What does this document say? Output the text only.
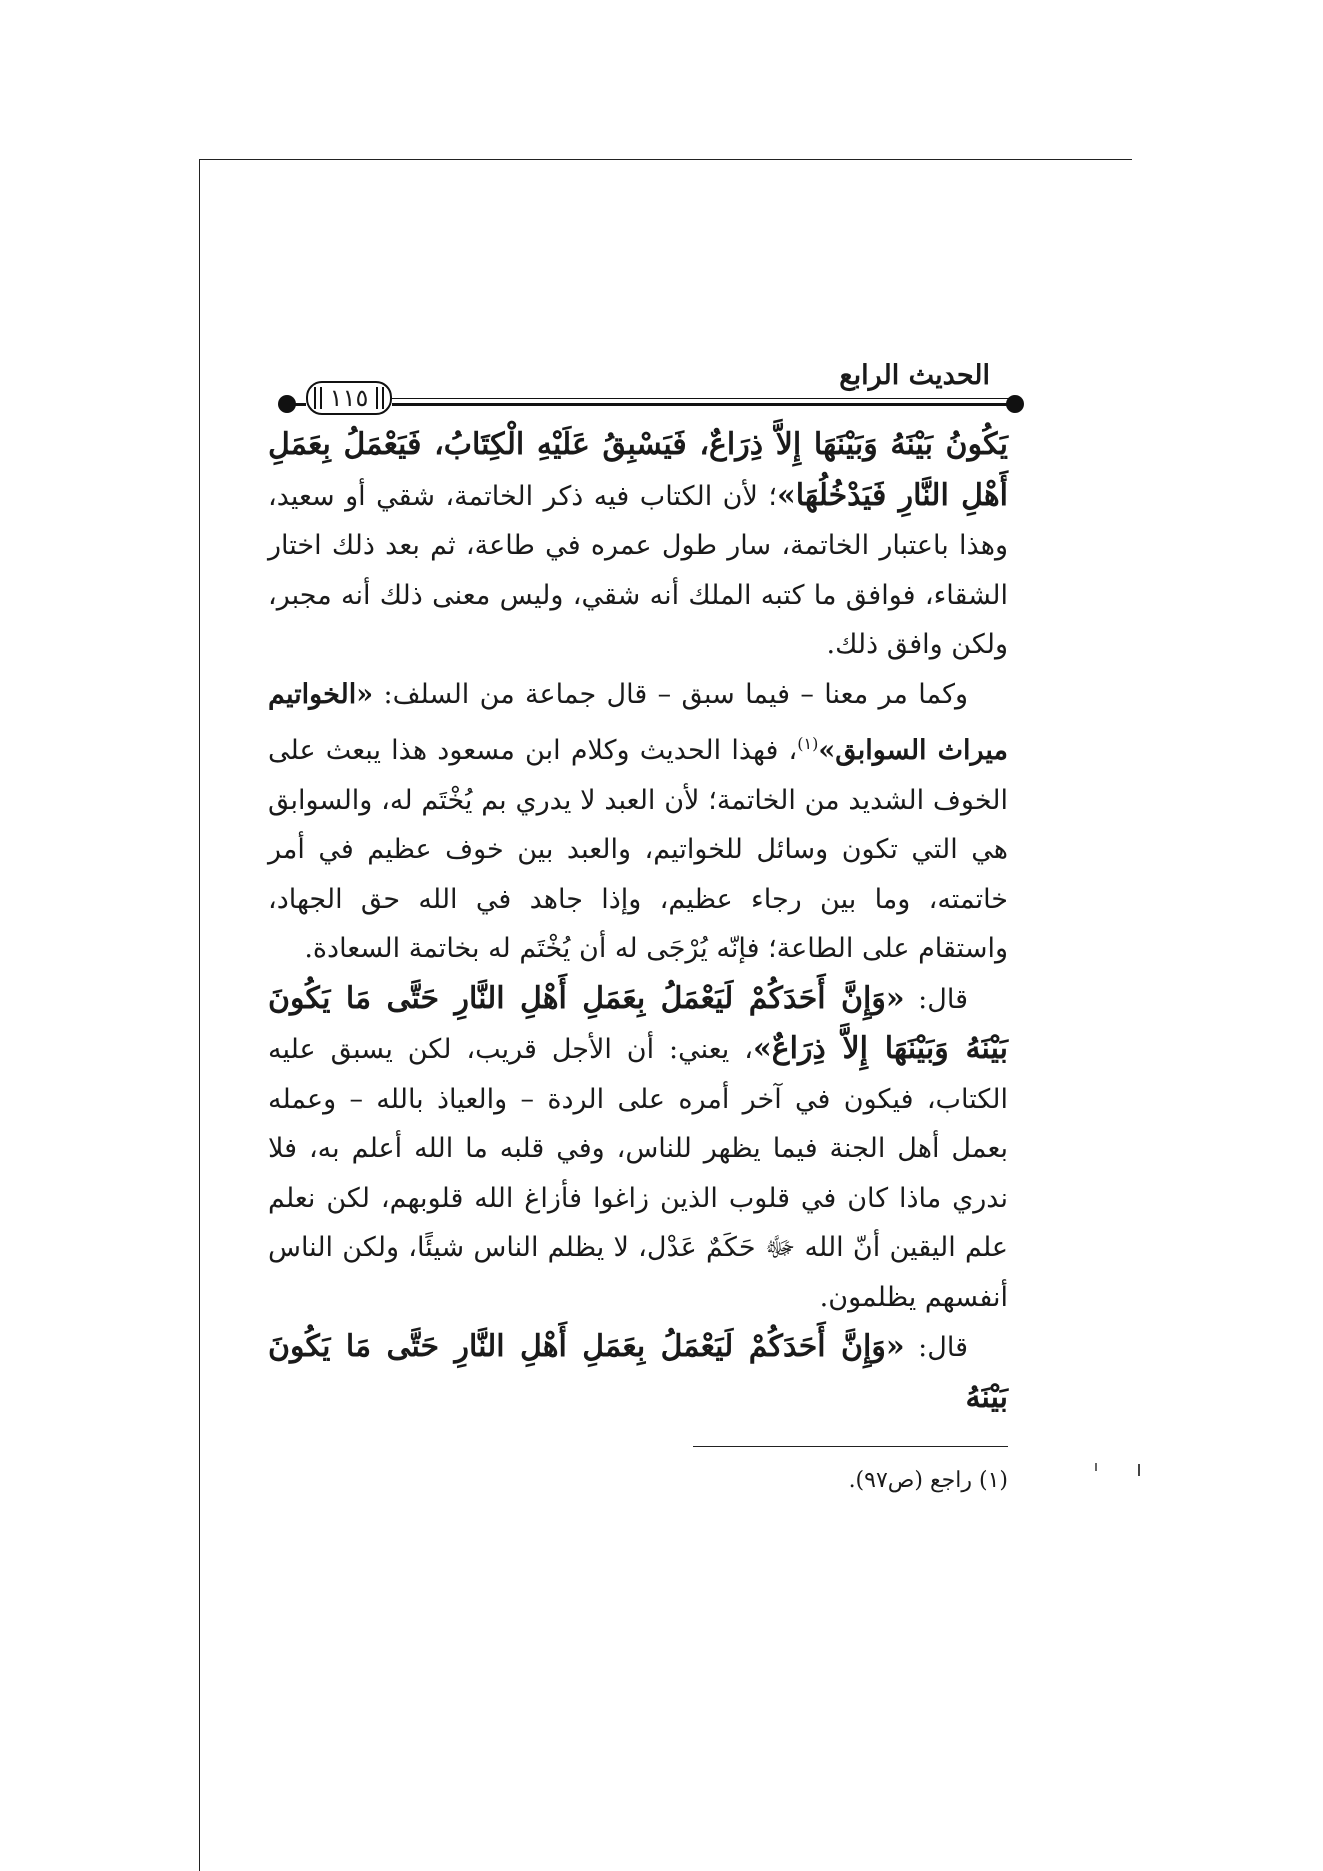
الحديث الرابع
١١٥

يَكُونُ بَيْنَهُ وَبَيْنَهَا إِلاَّ ذِرَاعٌ، فَيَسْبِقُ عَلَيْهِ الْكِتَابُ، فَيَعْمَلُ بِعَمَلِ أَهْلِ النَّارِ فَيَدْخُلُهَا»؛ لأن الكتاب فيه ذكر الخاتمة، شقي أو سعيد، وهذا باعتبار الخاتمة، سار طول عمره في طاعة، ثم بعد ذلك اختار الشقاء، فوافق ما كتبه الملك أنه شقي، وليس معنى ذلك أنه مجبر، ولكن وافق ذلك.

وكما مر معنا – فيما سبق – قال جماعة من السلف: «الخواتيم ميراث السوابق»$^{(١)}$، فهذا الحديث وكلام ابن مسعود هذا يبعث على الخوف الشديد من الخاتمة؛ لأن العبد لا يدري بم يُخْتَم له، والسوابق هي التي تكون وسائل للخواتيم، والعبد بين خوف عظيم في أمر خاتمته، وما بين رجاء عظيم، وإذا جاهد في الله حق الجهاد، واستقام على الطاعة؛ فإنّه يُرْجَى له أن يُخْتَم له بخاتمة السعادة.

قال: «وَإِنَّ أَحَدَكُمْ لَيَعْمَلُ بِعَمَلِ أَهْلِ النَّارِ حَتَّى مَا يَكُونَ بَيْنَهُ وَبَيْنَهَا إِلاَّ ذِرَاعٌ»، يعني: أن الأجل قريب، لكن يسبق عليه الكتاب، فيكون في آخر أمره على الردة – والعياذ بالله – وعمله بعمل أهل الجنة فيما يظهر للناس، وفي قلبه ما الله أعلم به، فلا ندري ماذا كان في قلوب الذين زاغوا فأزاغ الله قلوبهم، لكن نعلم علم اليقين أنّ الله ﷻ حَكَمٌ عَدْل، لا يظلم الناس شيئًا، ولكن الناس أنفسهم يظلمون.

قال: «وَإِنَّ أَحَدَكُمْ لَيَعْمَلُ بِعَمَلِ أَهْلِ النَّارِ حَتَّى مَا يَكُونَ بَيْنَهُ

(١) راجع (ص٩٧).
